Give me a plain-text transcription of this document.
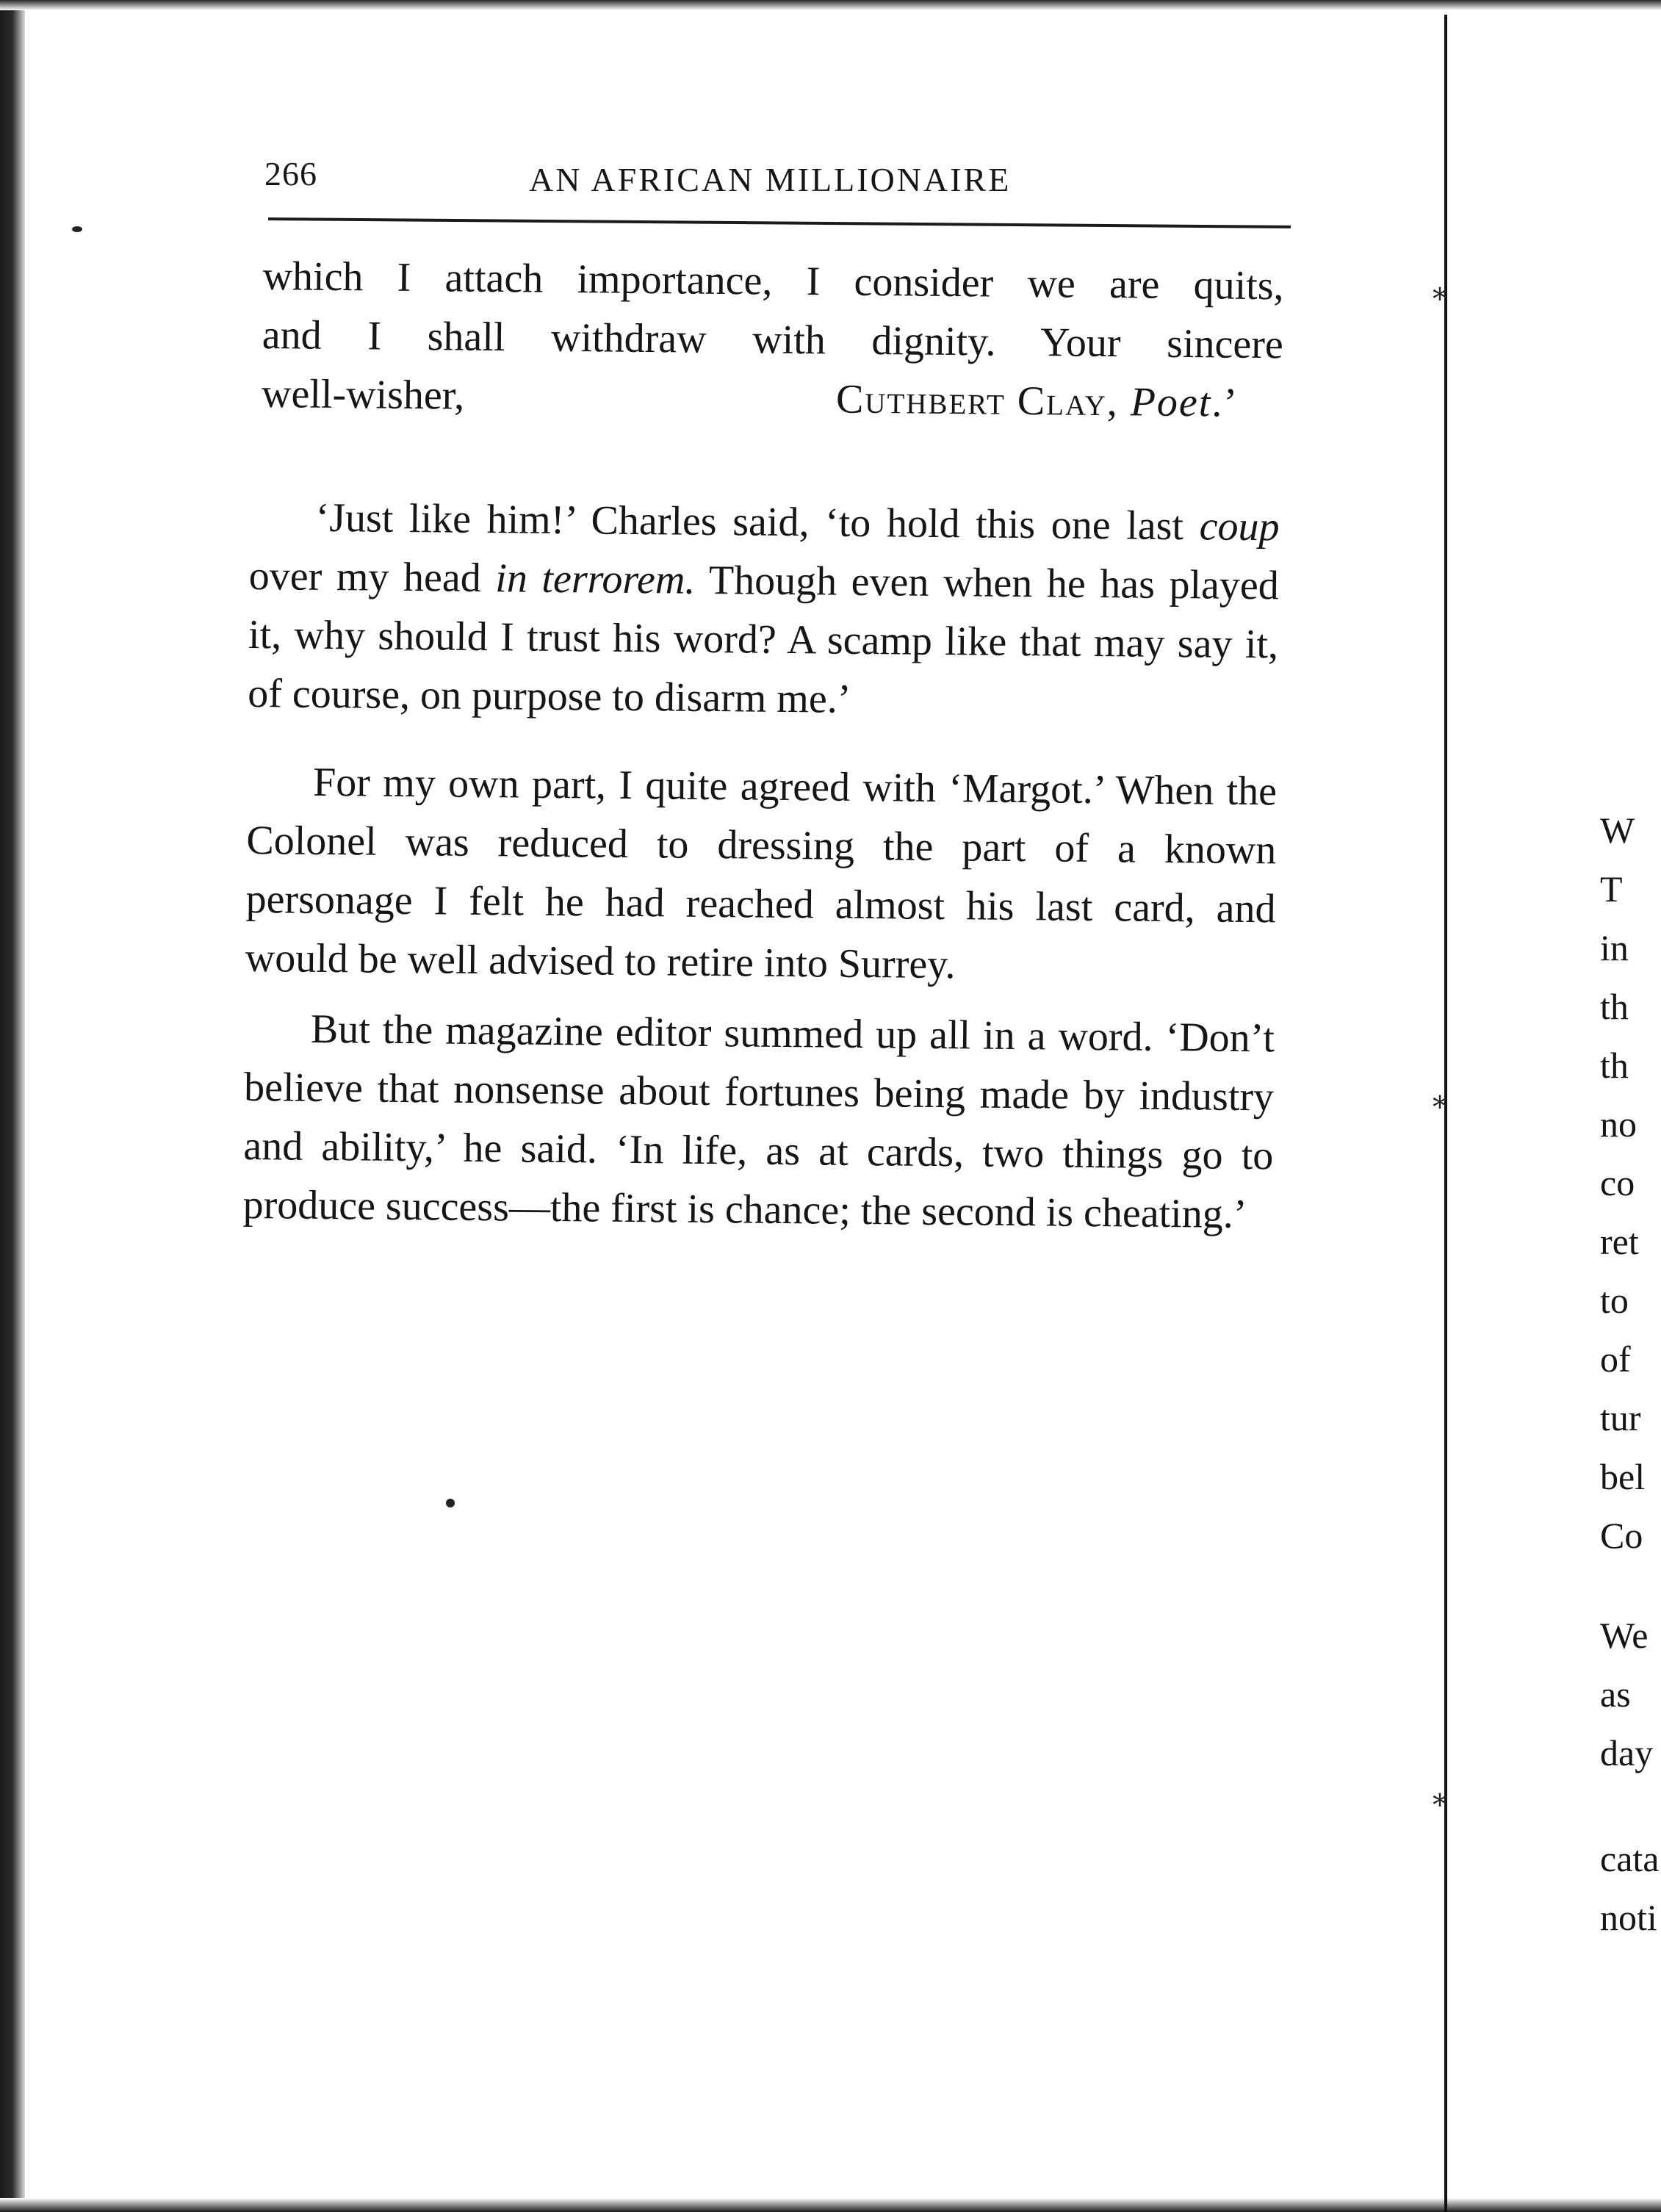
⁎
⁎
⁎
266	AN AFRICAN MILLIONAIRE

which I attach importance, I consider we are quits,

and I shall withdraw with dignity. Your sincere

well-wisher,	Cuthbert Clay, Poet.’

‘Just like him!’ Charles said, ‘to hold this one last coup over my head in terrorem. Though even when he has played it, why should I trust his word? A scamp like that may say it, of course, on purpose to disarm me.’

For my own part, I quite agreed with ‘Margot.’ When the Colonel was reduced to dressing the part of a known personage I felt he had reached almost his last card, and would be well advised to retire into Surrey.

But the magazine editor summed up all in a word. ‘Don’t believe that nonsense about fortunes being made by industry and ability,’ he said. ‘In life, as at cards, two things go to produce success—the first is chance; the second is cheating.’

W
T
in
th
th
no
co
ret
to
of
tur
bel
Co
We
as
day
cata
noti
